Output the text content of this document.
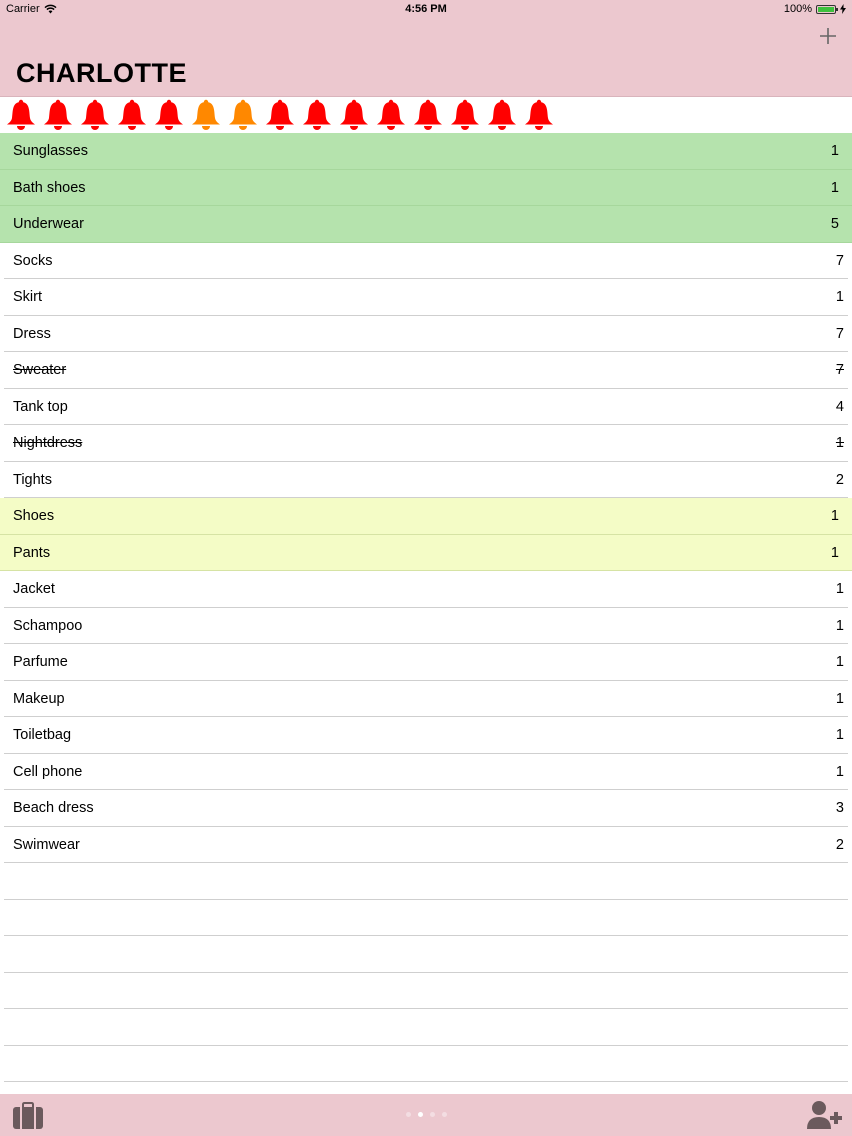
Carrier	4:56 PM	100%
CHARLOTTE
Sunglasses	1
Bath shoes	1
Underwear	5
Socks	7
Skirt	1
Dress	7
Sweater	7
Tank top	4
Nightdress	1
Tights	2
Shoes	1
Pants	1
Jacket	1
Schampoo	1
Parfume	1
Makeup	1
Toiletbag	1
Cell phone	1
Beach dress	3
Swimwear	2
